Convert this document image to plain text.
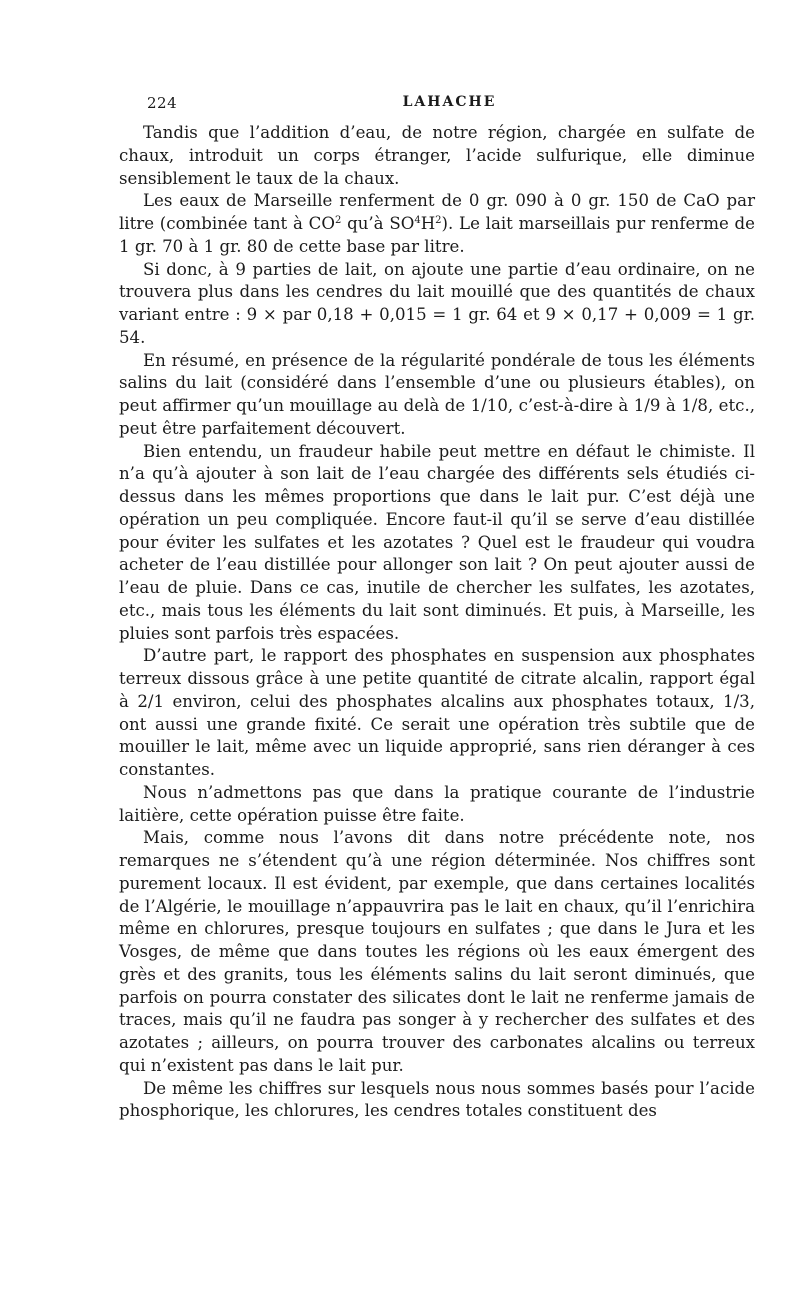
224	LAHACHE

Tandis que l’addition d’eau, de notre région, chargée en sulfate de chaux, introduit un corps étranger, l’acide sulfurique, elle diminue sensiblement le taux de la chaux.

Les eaux de Marseille renferment de 0 gr. 090 à 0 gr. 150 de CaO par litre (combinée tant à $CO^2$ qu’à $SO^4H^2$). Le lait marseillais pur renferme de 1 gr. 70 à 1 gr. 80 de cette base par litre.

Si donc, à 9 parties de lait, on ajoute une partie d’eau ordinaire, on ne trouvera plus dans les cendres du lait mouillé que des quantités de chaux variant entre : 9 × par 0,18 + 0,015 = 1 gr. 64 et 9 × 0,17 + 0,009 = 1 gr. 54.

En résumé, en présence de la régularité pondérale de tous les éléments salins du lait (considéré dans l’ensemble d’une ou plusieurs étables), on peut affirmer qu’un mouillage au delà de 1/10, c’est-à-dire à 1/9 à 1/8, etc., peut être parfaitement découvert.

Bien entendu, un fraudeur habile peut mettre en défaut le chimiste. Il n’a qu’à ajouter à son lait de l’eau chargée des différents sels étudiés ci-dessus dans les mêmes proportions que dans le lait pur. C’est déjà une opération un peu compliquée. Encore faut-il qu’il se serve d’eau distillée pour éviter les sulfates et les azotates ? Quel est le fraudeur qui voudra acheter de l’eau distillée pour allonger son lait ? On peut ajouter aussi de l’eau de pluie. Dans ce cas, inutile de chercher les sulfates, les azotates, etc., mais tous les éléments du lait sont diminués. Et puis, à Marseille, les pluies sont parfois très espacées.

D’autre part, le rapport des phosphates en suspension aux phosphates terreux dissous grâce à une petite quantité de citrate alcalin, rapport égal à 2/1 environ, celui des phosphates alcalins aux phosphates totaux, 1/3, ont aussi une grande fixité. Ce serait une opération très subtile que de mouiller le lait, même avec un liquide approprié, sans rien déranger à ces constantes.

Nous n’admettons pas que dans la pratique courante de l’industrie laitière, cette opération puisse être faite.

Mais, comme nous l’avons dit dans notre précédente note, nos remarques ne s’étendent qu’à une région déterminée. Nos chiffres sont purement locaux. Il est évident, par exemple, que dans certaines localités de l’Algérie, le mouillage n’appauvrira pas le lait en chaux, qu’il l’enrichira même en chlorures, presque toujours en sulfates ; que dans le Jura et les Vosges, de même que dans toutes les régions où les eaux émergent des grès et des granits, tous les éléments salins du lait seront diminués, que parfois on pourra constater des silicates dont le lait ne renferme jamais de traces, mais qu’il ne faudra pas songer à y rechercher des sulfates et des azotates ; ailleurs, on pourra trouver des carbonates alcalins ou terreux qui n’existent pas dans le lait pur.

De même les chiffres sur lesquels nous nous sommes basés pour l’acide phosphorique, les chlorures, les cendres totales constituent des
